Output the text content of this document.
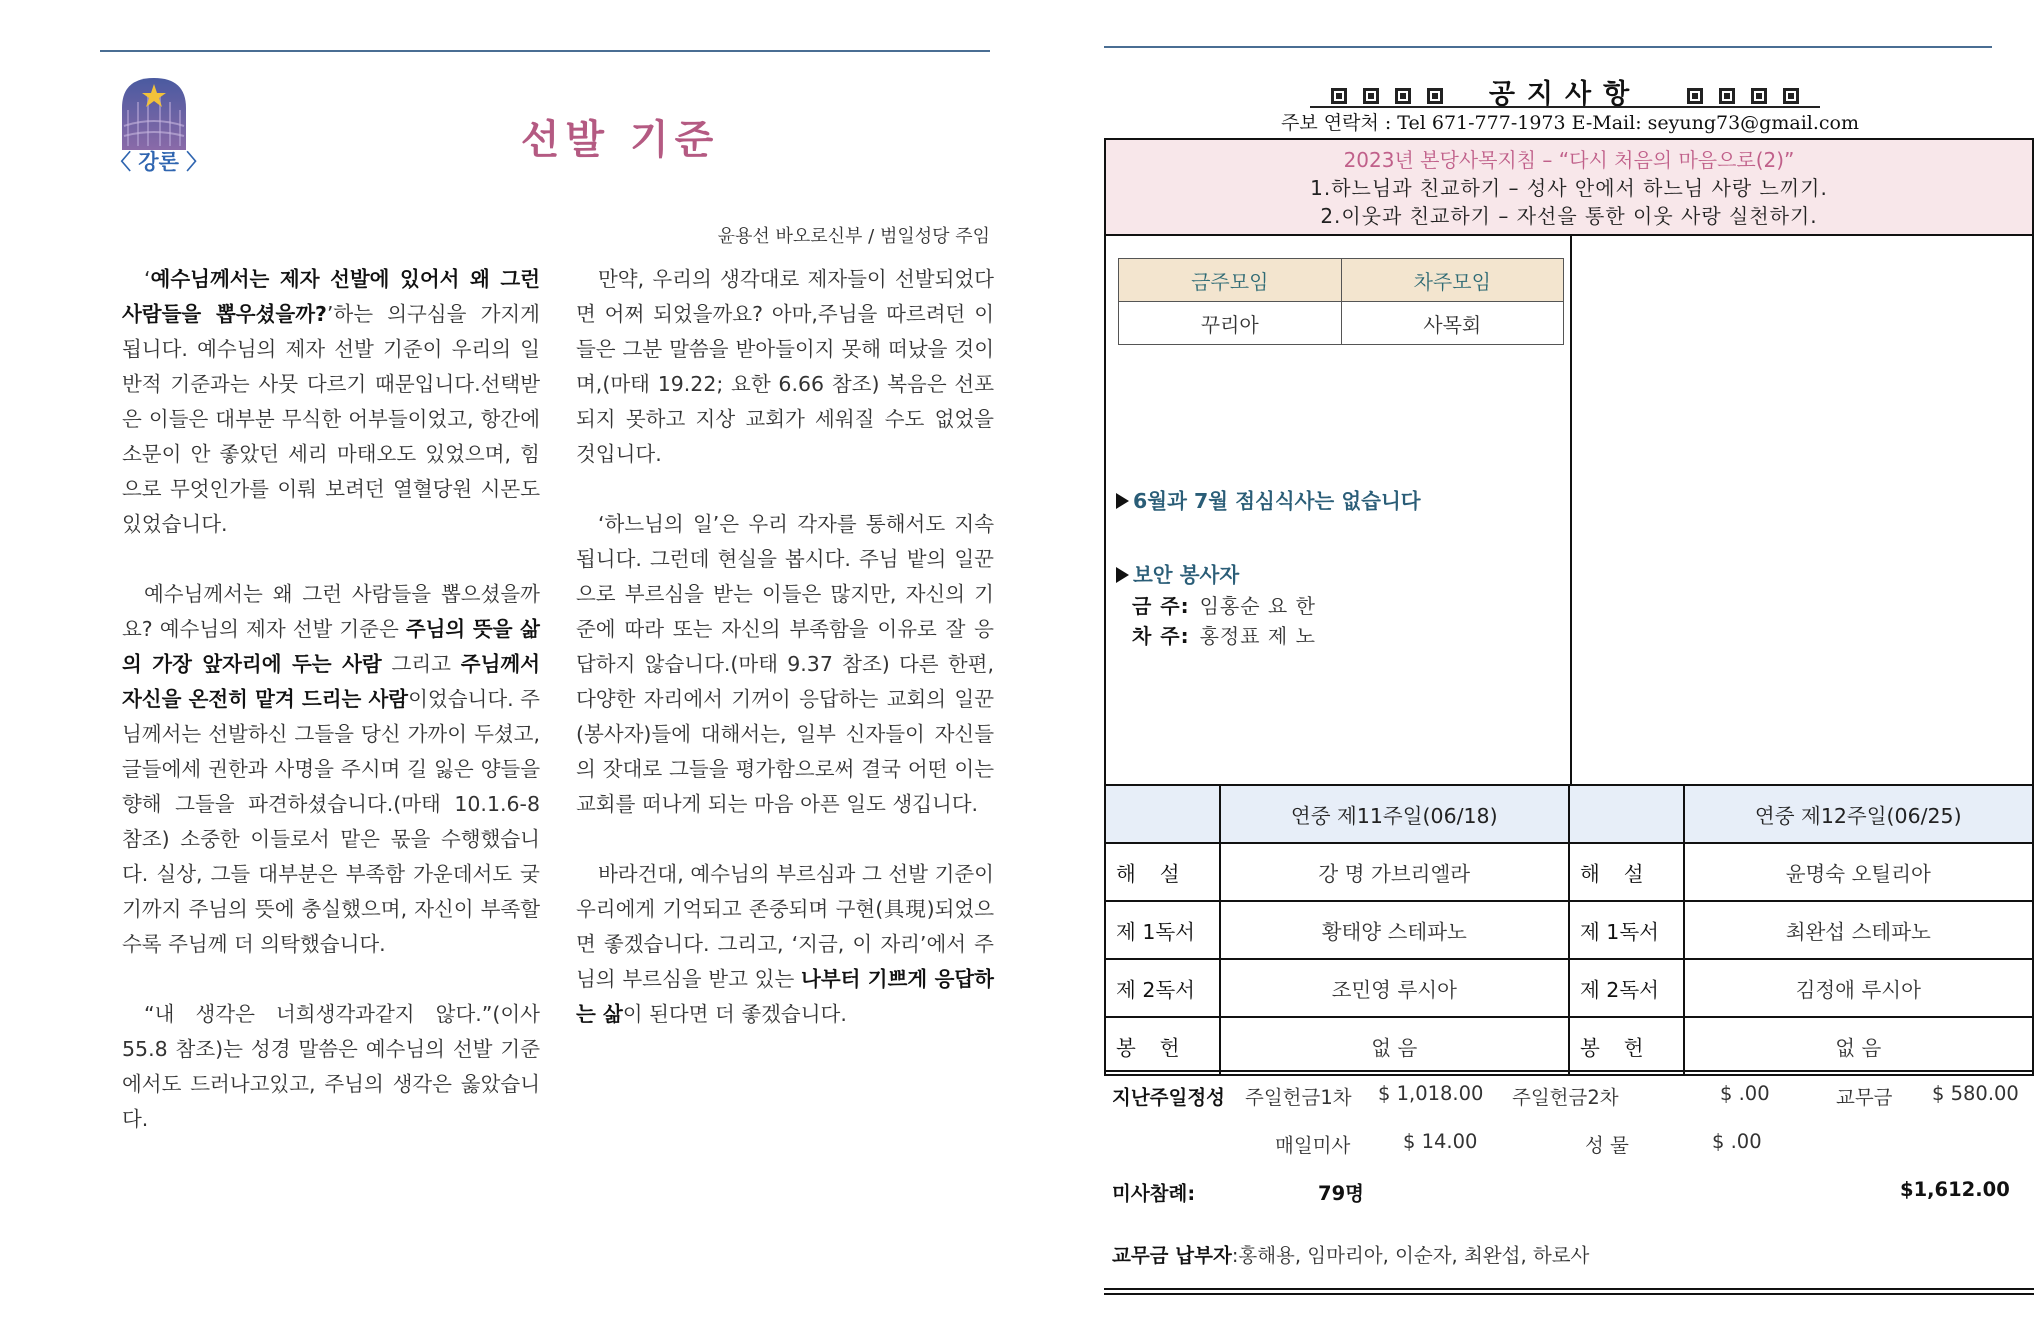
〈 강론 〉	선발 기준
윤용선 바오로신부 / 범일성당 주임

‘예수님께서는 제자 선발에 있어서 왜 그런 사람들을 뽑우셨을까?’하는 의구심을 가지게 됩니다. 예수님의 제자 선발 기준이 우리의 일반적 기준과는 사뭇 다르기 때문입니다.선택받은 이들은 대부분 무식한 어부들이었고, 항간에 소문이 안 좋았던 세리 마태오도 있었으며, 힘으로 무엇인가를 이뤄 보려던 열혈당원 시몬도 있었습니다.

예수님께서는 왜 그런 사람들을 뽑으셨을까요? 예수님의 제자 선발 기준은 주님의 뜻을 삶의 가장 앞자리에 두는 사람 그리고 주님께서 자신을 온전히 맡겨 드리는 사람이었습니다. 주님께서는 선발하신 그들을 당신 가까이 두셨고, 글들에세 권한과 사명을 주시며 길 잃은 양들을 향해 그들을 파견하셨습니다.(마태 10.1.6-8 참조) 소중한 이들로서 맡은 몫을 수행했습니다. 실상, 그들 대부분은 부족함 가운데서도 궂기까지 주님의 뜻에 충실했으며, 자신이 부족할수록 주님께 더 의탁했습니다.

“내 생각은 너희생각과같지 않다.”(이사 55.8 참조)는 성경 말씀은 예수님의 선발 기준에서도 드러나고있고, 주님의 생각은 옳았습니다.

만약, 우리의 생각대로 제자들이 선발되었다면 어쩌 되었을까요? 아마,주님을 따르려던 이들은 그분 말씀을 받아들이지 못해 떠났을 것이며,(마태 19.22; 요한 6.66 참조) 복음은 선포되지 못하고 지상 교회가 세워질 수도 없었을 것입니다.

‘하느님의 일’은 우리 각자를 통해서도 지속됩니다. 그런데 현실을 봅시다. 주님 밭의 일꾼으로 부르심을 받는 이들은 많지만, 자신의 기준에 따라 또는 자신의 부족함을 이유로 잘 응답하지 않습니다.(마태 9.37 참조) 다른 한편, 다양한 자리에서 기꺼이 응답하는 교회의 일꾼(봉사자)들에 대해서는, 일부 신자들이 자신들의 잣대로 그들을 평가함으로써 결국 어떤 이는 교회를 떠나게 되는 마음 아픈 일도 생깁니다.

바라건대, 예수님의 부르심과 그 선발 기준이 우리에게 기억되고 존중되며 구현(具現)되었으면 좋겠습니다. 그리고, ‘지금, 이 자리’에서 주님의 부르심을 받고 있는 나부터 기쁘게 응답하는 삶이 된다면 더 좋겠습니다.

공지사항
주보 연락처 : Tel 671-777-1973 E-Mail: seyung73@gmail.com
2023년 본당사목지침 – “다시 처음의 마음으로(2)”
1.하느님과 친교하기 – 성사 안에서 하느님 사랑 느끼기.
2.이웃과 친교하기 – 자선을 통한 이웃 사랑 실천하기.
금주모임	차주모임
꾸리아	사목회
6월과 7월 점심식사는 없습니다
보안 봉사자
금 주: 임홍순 요 한
차 주: 홍정표 제 노
	연중 제11주일(06/18)		연중 제12주일(06/25)
해설	강 명 가브리엘라	해설	윤명숙 오틸리아
제 1독서	황태양 스테파노	제 1독서	최완섭 스테파노
제 2독서	조민영 루시아	제 2독서	김정애 루시아
봉헌	없 음	봉헌	없 음
지난주일정성 주일헌금1차 $ 1,018.00 주일헌금2차	$ .00	교무금 $ 580.00
매일미사	$ 14.00	성 물	$ .00
미사참례:	79명	$1,612.00
교무금 납부자:홍해용, 임마리아, 이순자, 최완섭, 하로사
